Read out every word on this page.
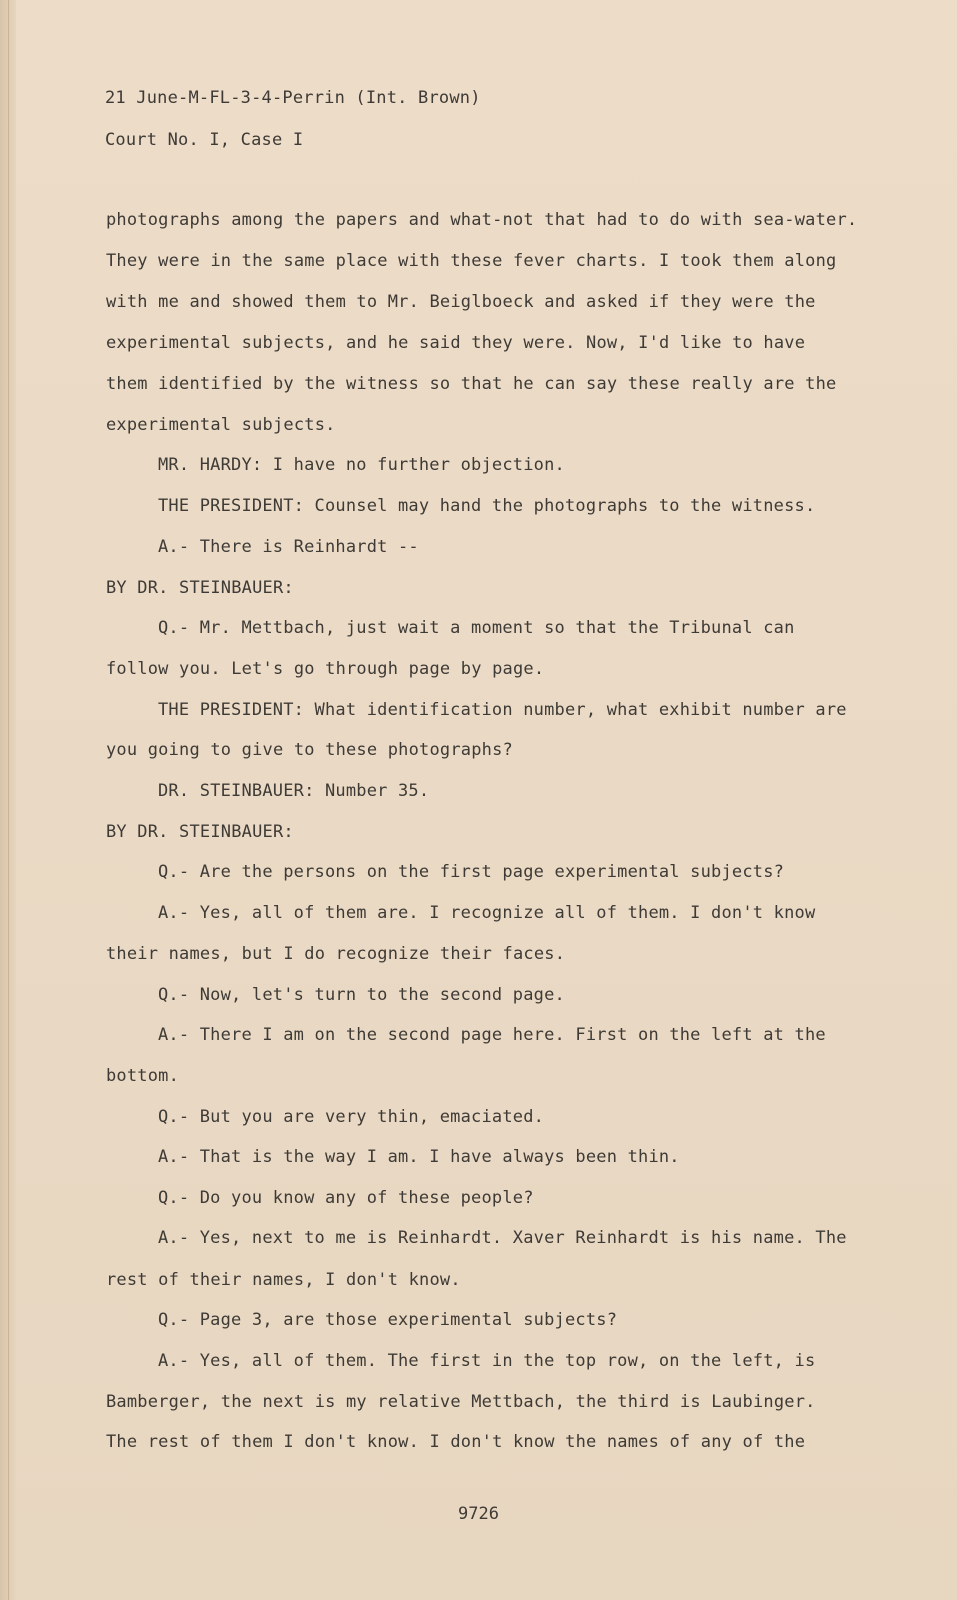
21 June-M-FL-3-4-Perrin (Int. Brown)
Court No. I, Case I
photographs among the papers and what-not that had to do with sea-water.
They were in the same place with these fever charts. I took them along
with me and showed them to Mr. Beiglboeck and asked if they were the
experimental subjects, and he said they were. Now, I'd like to have
them identified by the witness so that he can say these really are the
experimental subjects.
MR. HARDY: I have no further objection.
THE PRESIDENT: Counsel may hand the photographs to the witness.
A.- There is Reinhardt --
BY DR. STEINBAUER:
Q.- Mr. Mettbach, just wait a moment so that the Tribunal can
follow you. Let's go through page by page.
THE PRESIDENT: What identification number, what exhibit number are
you going to give to these photographs?
DR. STEINBAUER: Number 35.
BY DR. STEINBAUER:
Q.- Are the persons on the first page experimental subjects?
A.- Yes, all of them are. I recognize all of them. I don't know
their names, but I do recognize their faces.
Q.- Now, let's turn to the second page.
A.- There I am on the second page here. First on the left at the
bottom.
Q.- But you are very thin, emaciated.
A.- That is the way I am. I have always been thin.
Q.- Do you know any of these people?
A.- Yes, next to me is Reinhardt. Xaver Reinhardt is his name. The
rest of their names, I don't know.
Q.- Page 3, are those experimental subjects?
A.- Yes, all of them. The first in the top row, on the left, is
Bamberger, the next is my relative Mettbach, the third is Laubinger.
The rest of them I don't know. I don't know the names of any of the
9726
